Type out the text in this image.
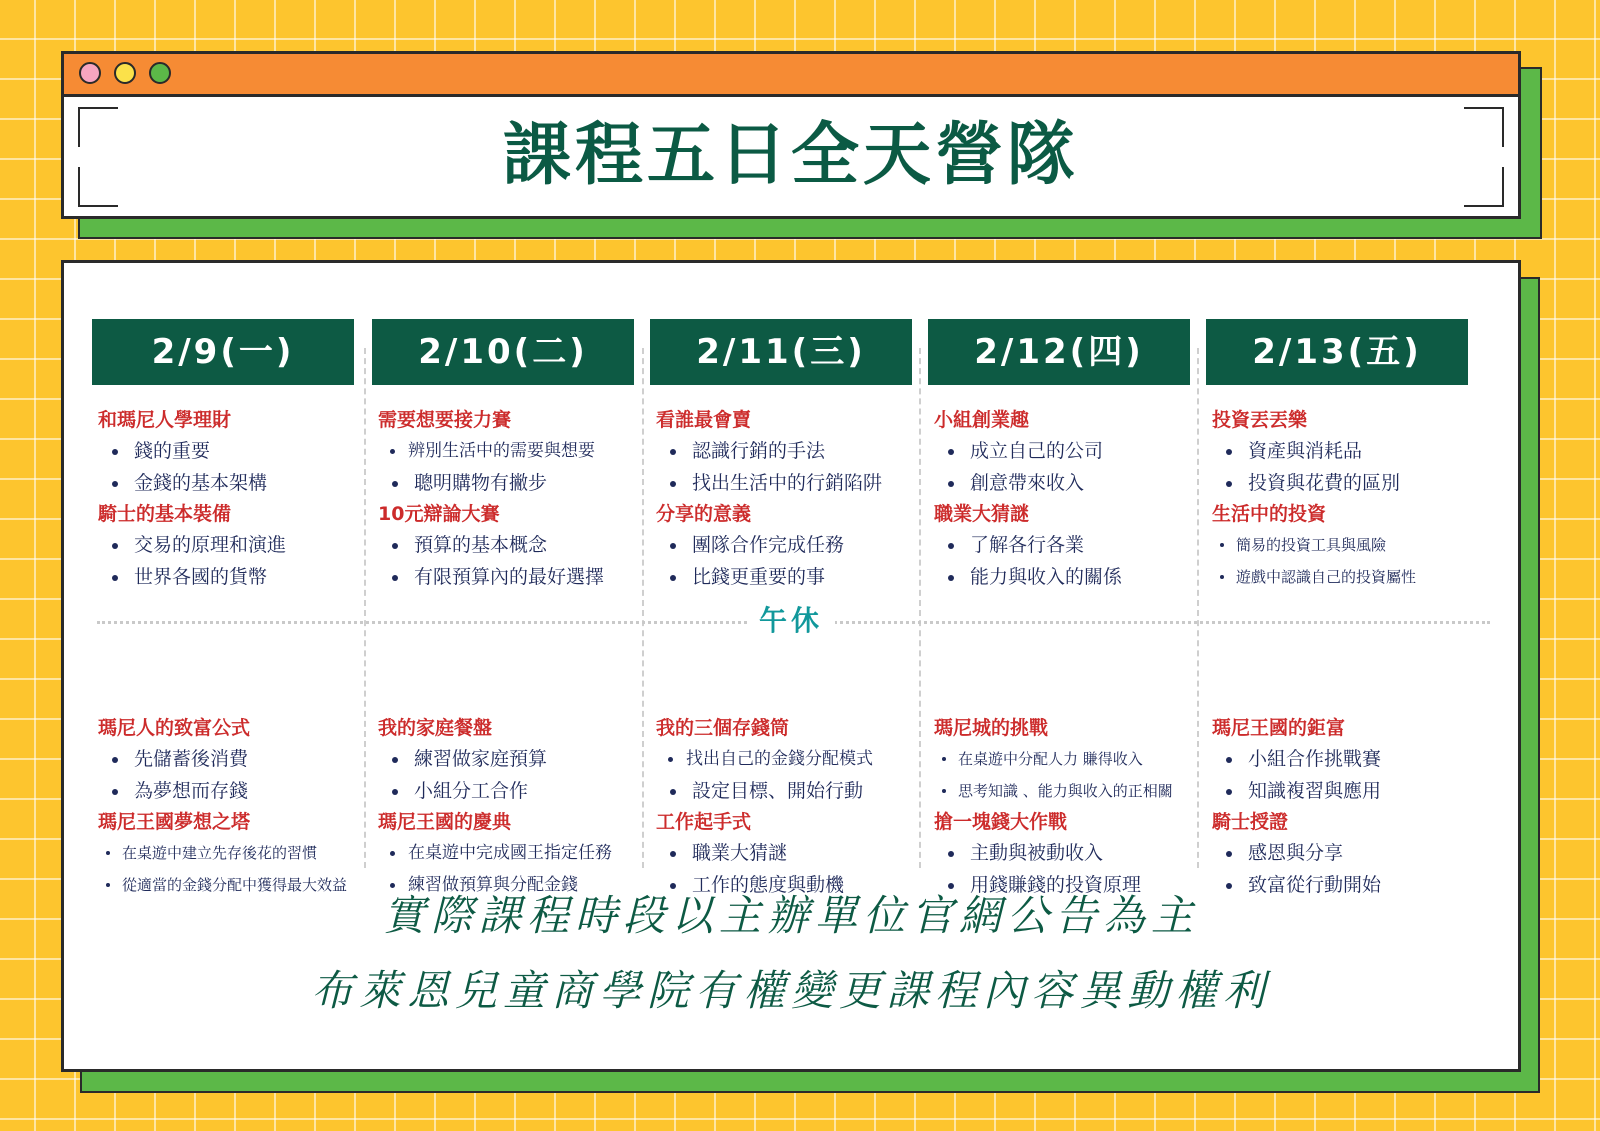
課程五日全天營隊
午休
2/9(一)
和瑪尼人學理財
錢的重要
金錢的基本架構
騎士的基本裝備
交易的原理和演進
世界各國的貨幣
瑪尼人的致富公式
先儲蓄後消費
為夢想而存錢
瑪尼王國夢想之塔
在桌遊中建立先存後花的習慣
從適當的金錢分配中獲得最大效益
2/10(二)
需要想要接力賽
辨別生活中的需要與想要
聰明購物有撇步
10元辯論大賽
預算的基本概念
有限預算內的最好選擇
我的家庭餐盤
練習做家庭預算
小組分工合作
瑪尼王國的慶典
在桌遊中完成國王指定任務
練習做預算與分配金錢
2/11(三)
看誰最會賣
認識行銷的手法
找出生活中的行銷陷阱
分享的意義
團隊合作完成任務
比錢更重要的事
我的三個存錢筒
找出自己的金錢分配模式
設定目標、開始行動
工作起手式
職業大猜謎
工作的態度與動機
2/12(四)
小組創業趣
成立自己的公司
創意帶來收入
職業大猜謎
了解各行各業
能力與收入的關係
瑪尼城的挑戰
在桌遊中分配人力 賺得收入
思考知識 、能力與收入的正相關
搶一塊錢大作戰
主動與被動收入
用錢賺錢的投資原理
2/13(五)
投資丟丟樂
資產與消耗品
投資與花費的區別
生活中的投資
簡易的投資工具與風險
遊戲中認識自己的投資屬性
瑪尼王國的鉅富
小組合作挑戰賽
知識複習與應用
騎士授證
感恩與分享
致富從行動開始
實際課程時段以主辦單位官網公告為主
布萊恩兒童商學院有權變更課程內容異動權利
